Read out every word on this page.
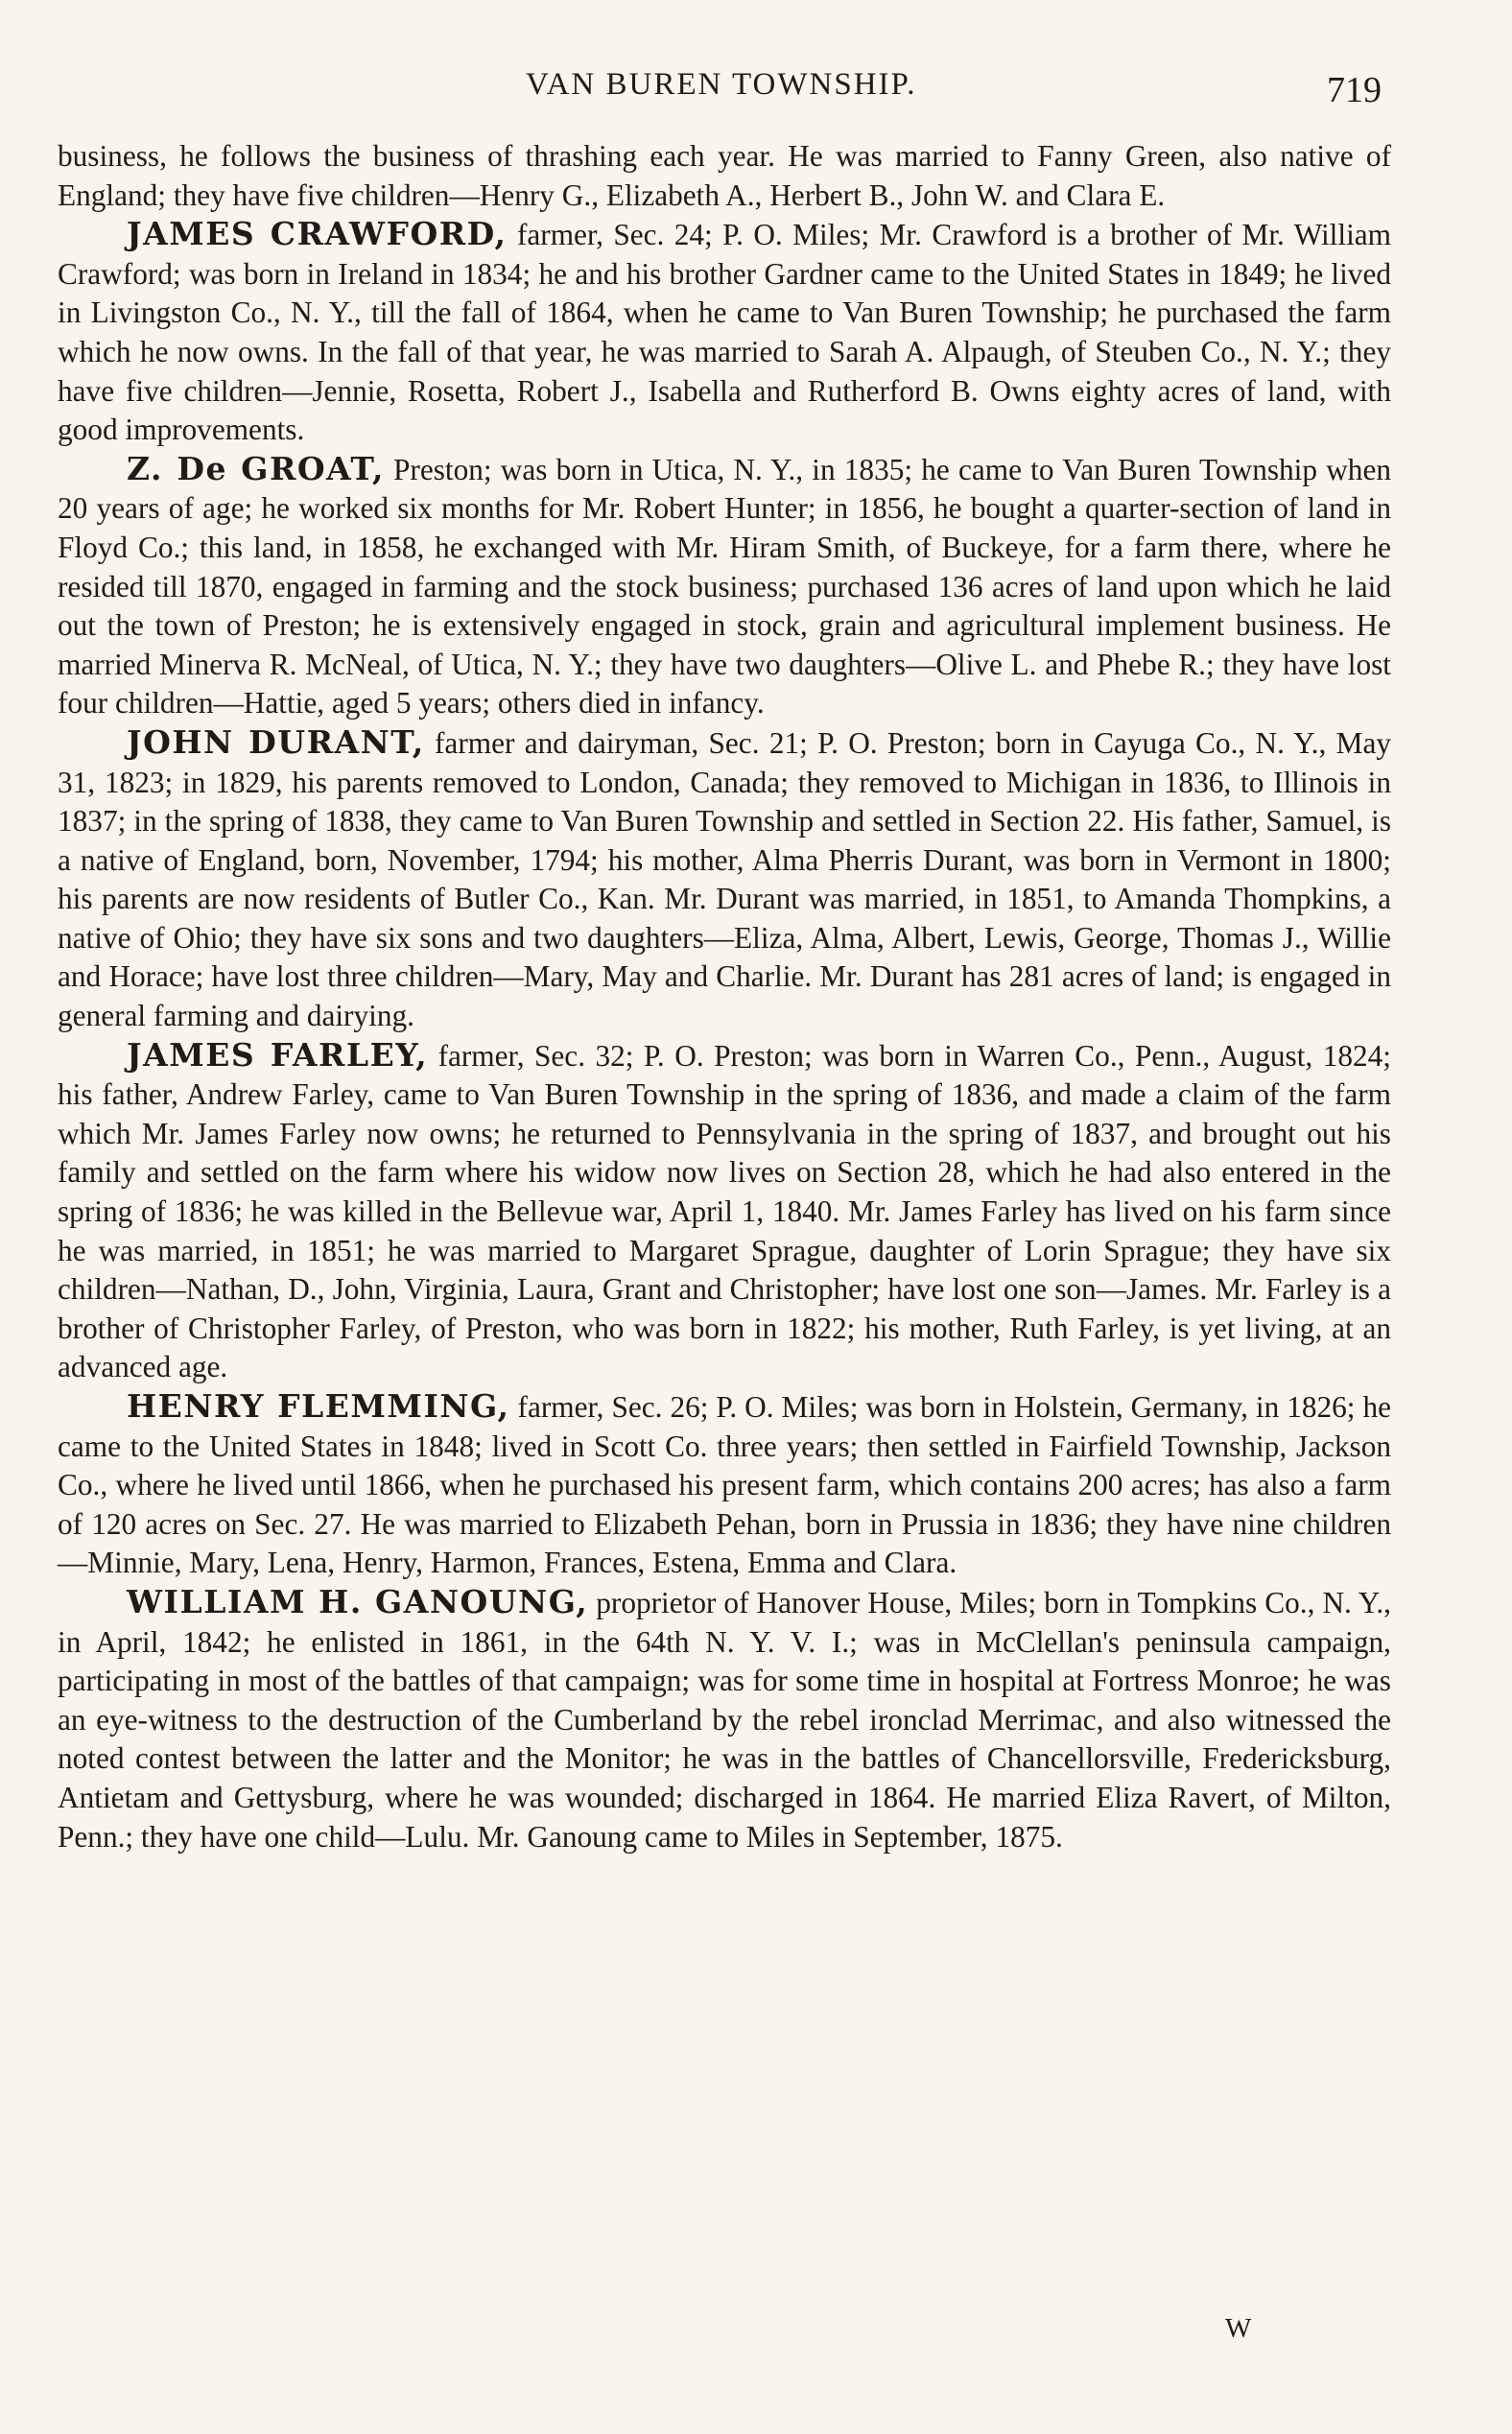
VAN BUREN TOWNSHIP.	719

business, he follows the business of thrashing each year. He was married to Fanny Green, also native of England; they have five children—Henry G., Elizabeth A., Herbert B., John W. and Clara E.

JAMES CRAWFORD, farmer, Sec. 24; P. O. Miles; Mr. Crawford is a brother of Mr. William Crawford; was born in Ireland in 1834; he and his brother Gardner came to the United States in 1849; he lived in Livingston Co., N. Y., till the fall of 1864, when he came to Van Buren Township; he purchased the farm which he now owns. In the fall of that year, he was married to Sarah A. Alpaugh, of Steuben Co., N. Y.; they have five children—Jennie, Rosetta, Robert J., Isabella and Rutherford B. Owns eighty acres of land, with good improvements.

Z. De GROAT, Preston; was born in Utica, N. Y., in 1835; he came to Van Buren Township when 20 years of age; he worked six months for Mr. Robert Hunter; in 1856, he bought a quarter-section of land in Floyd Co.; this land, in 1858, he exchanged with Mr. Hiram Smith, of Buckeye, for a farm there, where he resided till 1870, engaged in farming and the stock business; purchased 136 acres of land upon which he laid out the town of Preston; he is extensively engaged in stock, grain and agricultural implement business. He married Minerva R. McNeal, of Utica, N. Y.; they have two daughters—Olive L. and Phebe R.; they have lost four children—Hattie, aged 5 years; others died in infancy.

JOHN DURANT, farmer and dairyman, Sec. 21; P. O. Preston; born in Cayuga Co., N. Y., May 31, 1823; in 1829, his parents removed to London, Canada; they removed to Michigan in 1836, to Illinois in 1837; in the spring of 1838, they came to Van Buren Township and settled in Section 22. His father, Samuel, is a native of England, born, November, 1794; his mother, Alma Pherris Durant, was born in Vermont in 1800; his parents are now residents of Butler Co., Kan. Mr. Durant was married, in 1851, to Amanda Thompkins, a native of Ohio; they have six sons and two daughters—Eliza, Alma, Albert, Lewis, George, Thomas J., Willie and Horace; have lost three children—Mary, May and Charlie. Mr. Durant has 281 acres of land; is engaged in general farming and dairying.

JAMES FARLEY, farmer, Sec. 32; P. O. Preston; was born in Warren Co., Penn., August, 1824; his father, Andrew Farley, came to Van Buren Township in the spring of 1836, and made a claim of the farm which Mr. James Farley now owns; he returned to Pennsylvania in the spring of 1837, and brought out his family and settled on the farm where his widow now lives on Section 28, which he had also entered in the spring of 1836; he was killed in the Bellevue war, April 1, 1840. Mr. James Farley has lived on his farm since he was married, in 1851; he was married to Margaret Sprague, daughter of Lorin Sprague; they have six children—Nathan, D., John, Virginia, Laura, Grant and Christopher; have lost one son—James. Mr. Farley is a brother of Christopher Farley, of Preston, who was born in 1822; his mother, Ruth Farley, is yet living, at an advanced age.

HENRY FLEMMING, farmer, Sec. 26; P. O. Miles; was born in Holstein, Germany, in 1826; he came to the United States in 1848; lived in Scott Co. three years; then settled in Fairfield Township, Jackson Co., where he lived until 1866, when he purchased his present farm, which contains 200 acres; has also a farm of 120 acres on Sec. 27. He was married to Elizabeth Pehan, born in Prussia in 1836; they have nine children—Minnie, Mary, Lena, Henry, Harmon, Frances, Estena, Emma and Clara.

WILLIAM H. GANOUNG, proprietor of Hanover House, Miles; born in Tompkins Co., N. Y., in April, 1842; he enlisted in 1861, in the 64th N. Y. V. I.; was in McClellan's peninsula campaign, participating in most of the battles of that campaign; was for some time in hospital at Fortress Monroe; he was an eye-witness to the destruction of the Cumberland by the rebel ironclad Merrimac, and also witnessed the noted contest between the latter and the Monitor; he was in the battles of Chancellorsville, Fredericksburg, Antietam and Gettysburg, where he was wounded; discharged in 1864. He married Eliza Ravert, of Milton, Penn.; they have one child—Lulu. Mr. Ganoung came to Miles in September, 1875.

W
